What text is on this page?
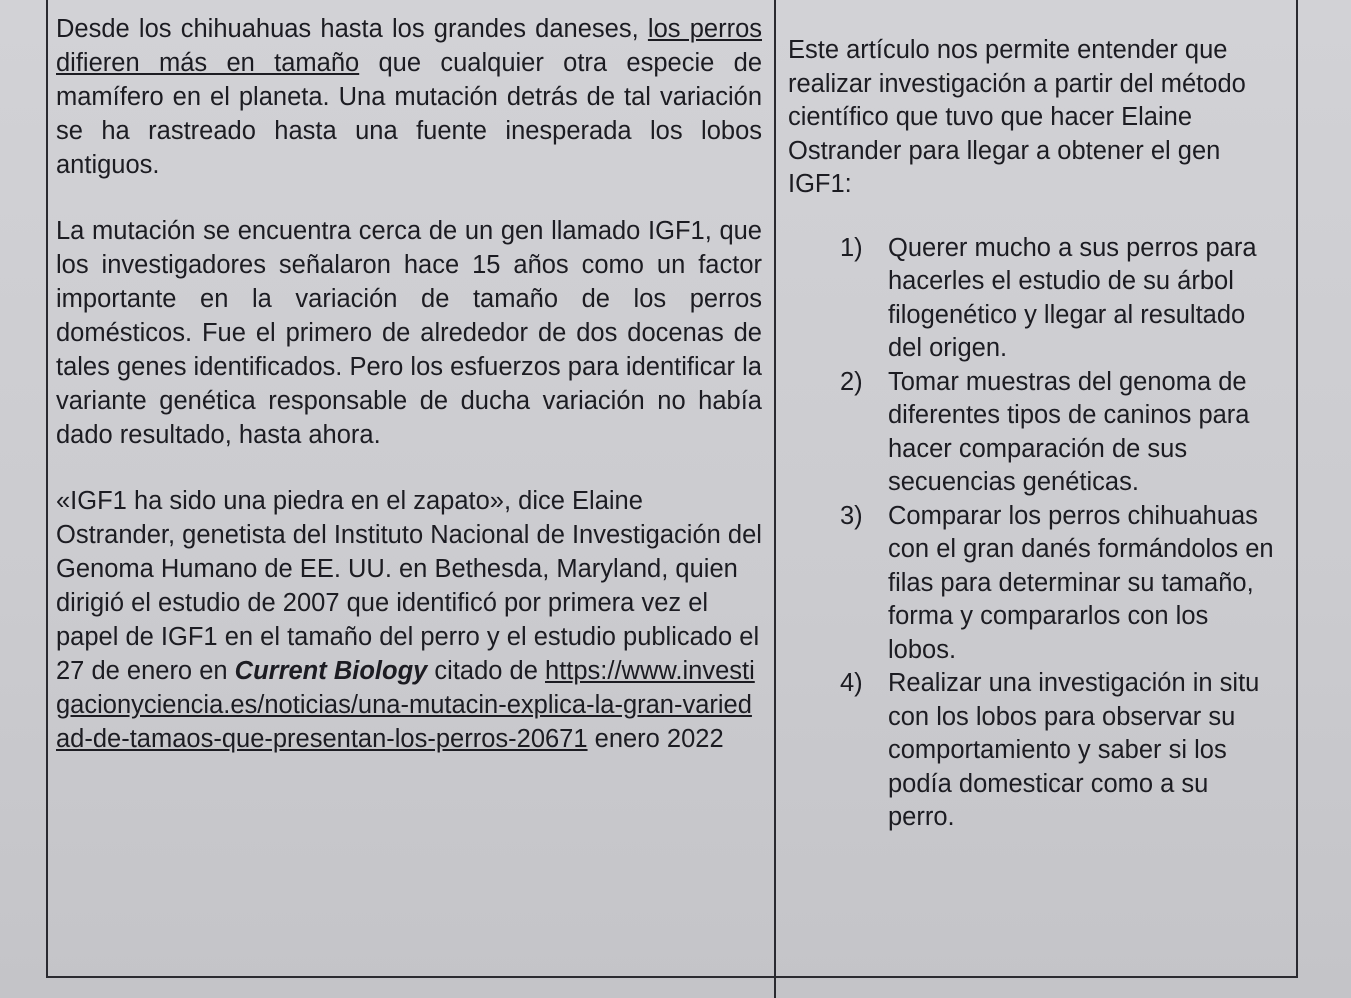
Desde los chihuahuas hasta los grandes daneses, los perros difieren más en tamaño que cualquier otra especie de mamífero en el planeta. Una mutación detrás de tal variación se ha rastreado hasta una fuente inesperada los lobos antiguos.

La mutación se encuentra cerca de un gen llamado IGF1, que los investigadores señalaron hace 15 años como un factor importante en la variación de tamaño de los perros domésticos. Fue el primero de alrededor de dos docenas de tales genes identificados. Pero los esfuerzos para identificar la variante genética responsable de ducha variación no había dado resultado, hasta ahora.

«IGF1 ha sido una piedra en el zapato», dice Elaine Ostrander, genetista del Instituto Nacional de Investigación del Genoma Humano de EE. UU. en Bethesda, Maryland, quien dirigió el estudio de 2007 que identificó por primera vez el papel de IGF1 en el tamaño del perro y el estudio publicado el 27 de enero en Current Biology citado de https://www.investigacionyciencia.es/noticias/una-mutacin-explica-la-gran-variedad-de-tamaos-que-presentan-los-perros-20671 enero 2022

Este artículo nos permite entender que realizar investigación a partir del método científico que tuvo que hacer Elaine Ostrander para llegar a obtener el gen IGF1:

1) Querer mucho a sus perros para hacerles el estudio de su árbol filogenético y llegar al resultado del origen.
2) Tomar muestras del genoma de diferentes tipos de caninos para hacer comparación de sus secuencias genéticas.
3) Comparar los perros chihuahuas con el gran danés formándolos en filas para determinar su tamaño, forma y compararlos con los lobos.
4) Realizar una investigación in situ con los lobos para observar su comportamiento y saber si los podía domesticar como a su perro.
